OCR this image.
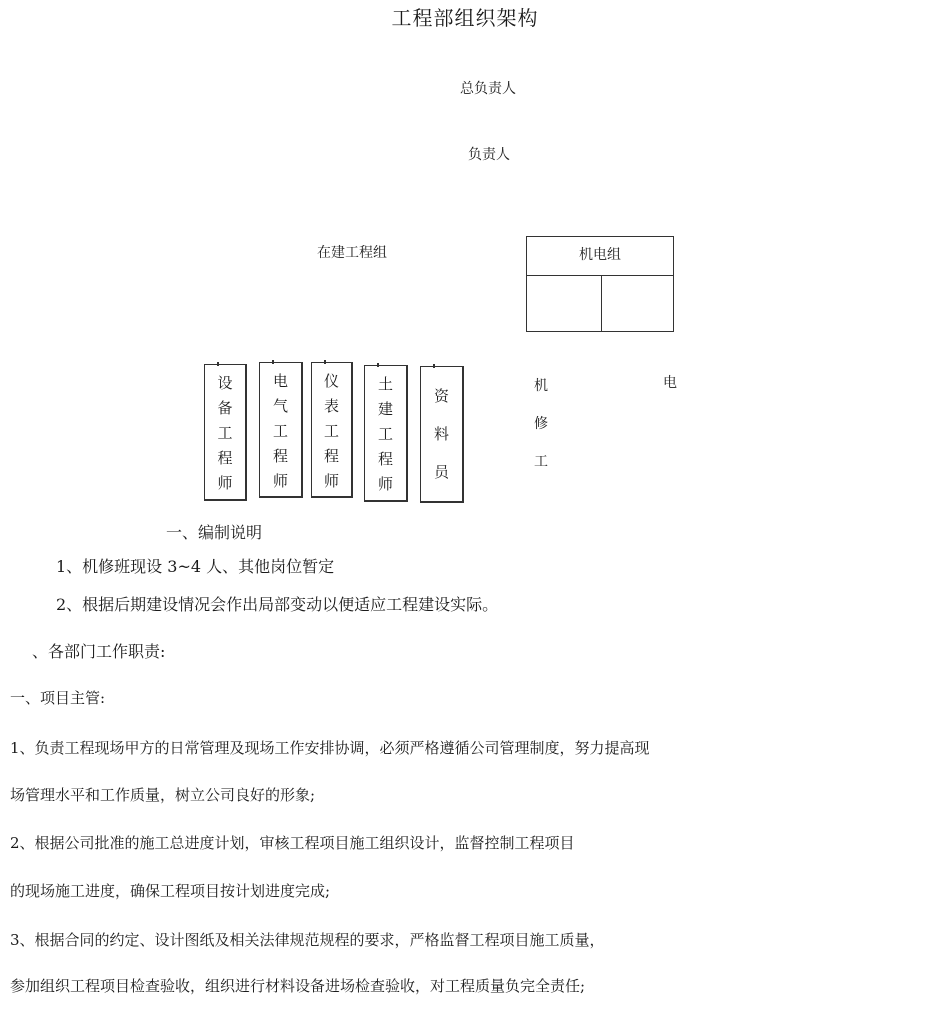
工程部组织架构
总负责人
负责人
在建工程组	机电组
设
备
工
程
师
电
气
工
程
师
仪
表
工
程
师
土
建
工
程
师
资
料
员
机
修
工
电
一、编制说明
1、机修班现设 3~4 人、其他岗位暂定
2、根据后期建设情况会作出局部变动以便适应工程建设实际。
、各部门工作职责:
一、项目主管:
1、负责工程现场甲方的日常管理及现场工作安排协调，必须严格遵循公司管理制度，努力提高现
场管理水平和工作质量，树立公司良好的形象;
2、根据公司批准的施工总进度计划，审核工程项目施工组织设计，监督控制工程项目
的现场施工进度，确保工程项目按计划进度完成;
3、根据合同的约定、设计图纸及相关法律规范规程的要求，严格监督工程项目施工质量，
参加组织工程项目检查验收，组织进行材料设备进场检查验收，对工程质量负完全责任;
